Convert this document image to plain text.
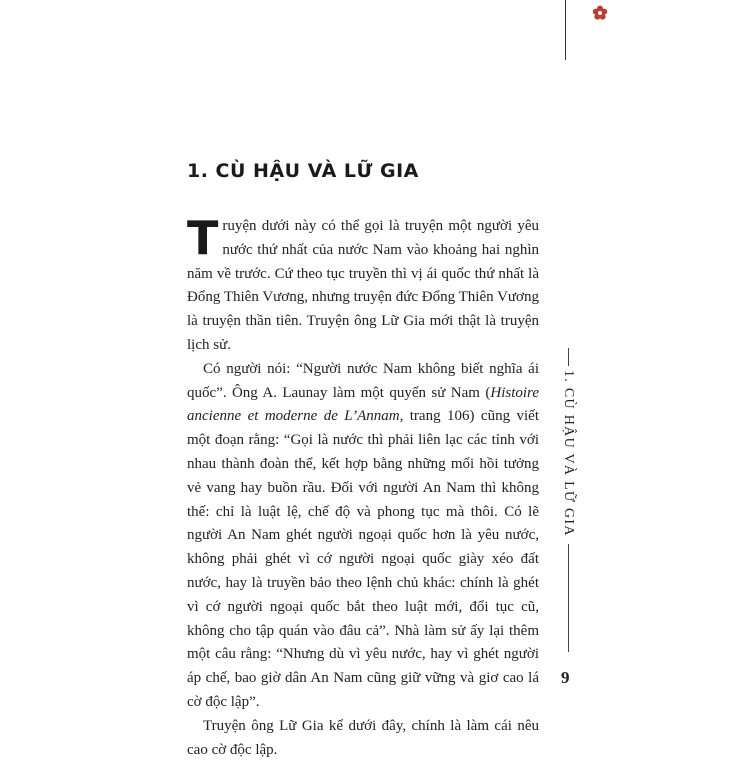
1. CÙ HẬU VÀ LỮ GIA

Truyện dưới này có thể gọi là truyện một người yêu nước thứ nhất của nước Nam vào khoảng hai nghìn năm về trước. Cứ theo tục truyền thì vị ái quốc thứ nhất là Đổng Thiên Vương, nhưng truyện đức Đổng Thiên Vương là truyện thần tiên. Truyện ông Lữ Gia mới thật là truyện lịch sử.

Có người nói: “Người nước Nam không biết nghĩa ái quốc”. Ông A. Launay làm một quyển sử Nam (Histoire ancienne et moderne de L’Annam, trang 106) cũng viết một đoạn rằng: “Gọi là nước thì phải liên lạc các tỉnh với nhau thành đoàn thể, kết hợp bằng những mối hồi tưởng vẻ vang hay buồn rầu. Đối với người An Nam thì không thế: chỉ là luật lệ, chế độ và phong tục mà thôi. Có lẽ người An Nam ghét người ngoại quốc hơn là yêu nước, không phải ghét vì cớ người ngoại quốc giày xéo đất nước, hay là truyền bảo theo lệnh chủ khác: chính là ghét vì cớ người ngoại quốc bắt theo luật mới, đổi tục cũ, không cho tập quán vào đâu cả”. Nhà làm sử ấy lại thêm một câu rằng: “Nhưng dù vì yêu nước, hay vì ghét người áp chế, bao giờ dân An Nam cũng giữ vững và giơ cao lá cờ độc lập”.

Truyện ông Lữ Gia kể dưới đây, chính là làm cái nêu cao cờ độc lập.

1. CÙ HẬU VÀ LỮ GIA
9
